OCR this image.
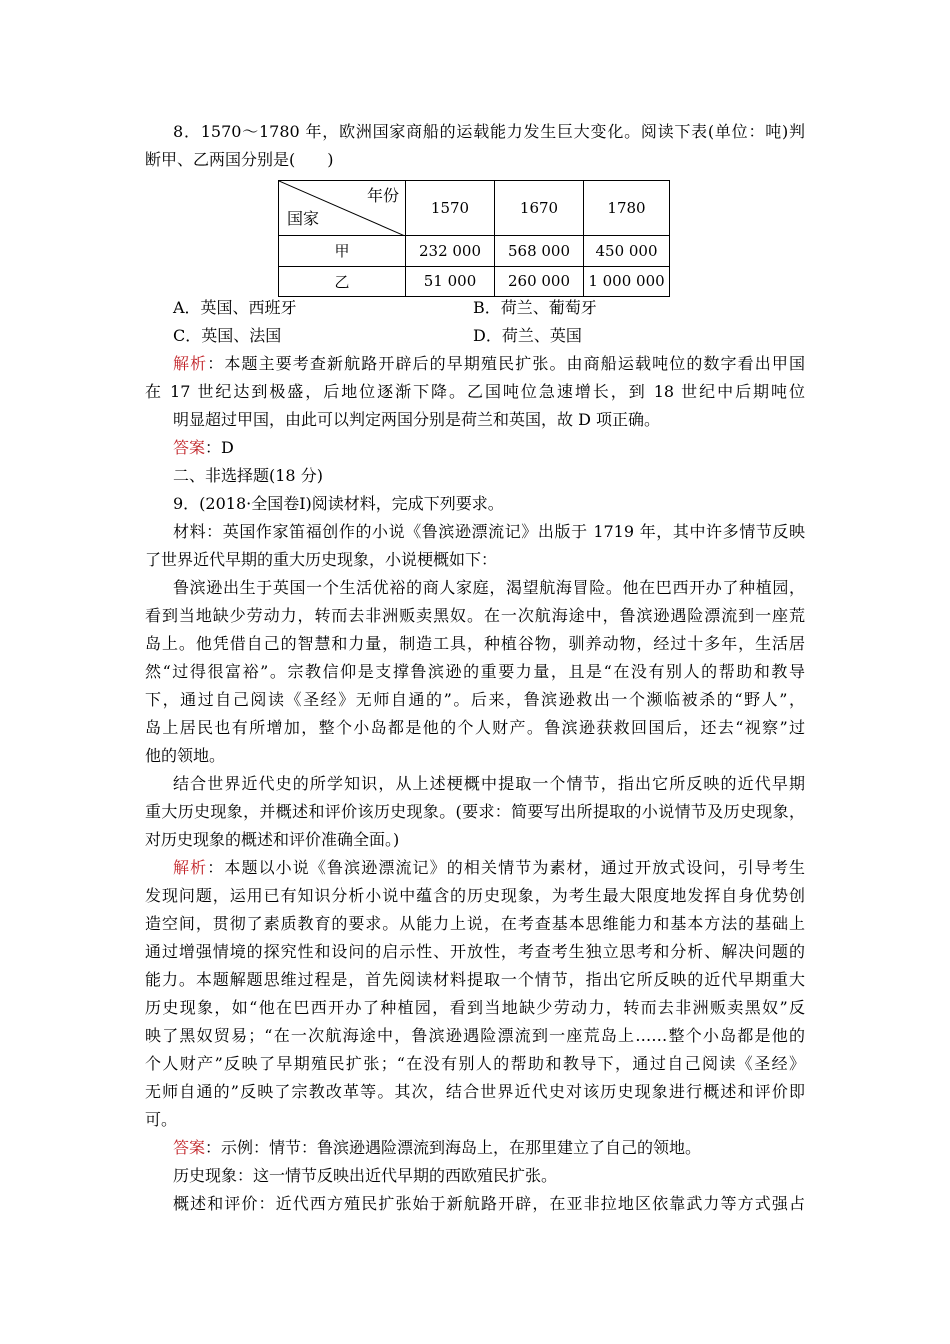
8．1570～1780 年，欧洲国家商船的运载能力发生巨大变化。阅读下表(单位：吨)判
断甲、乙两国分别是(　　)
年份
国家	1570	1670	1780
甲	232 000	568 000	450 000
乙	51 000	260 000	1 000 000
A．英国、西班牙	B．荷兰、葡萄牙
C．英国、法国	D．荷兰、英国
解析：本题主要考查新航路开辟后的早期殖民扩张。由商船运载吨位的数字看出甲国
在 17 世纪达到极盛，后地位逐渐下降。乙国吨位急速增长，到 18 世纪中后期吨位
明显超过甲国，由此可以判定两国分别是荷兰和英国，故 D 项正确。
答案：D
二、非选择题(18 分)
9．(2018·全国卷Ⅰ)阅读材料，完成下列要求。
材料：英国作家笛福创作的小说《鲁滨逊漂流记》出版于 1719 年，其中许多情节反映
了世界近代早期的重大历史现象，小说梗概如下：
鲁滨逊出生于英国一个生活优裕的商人家庭，渴望航海冒险。他在巴西开办了种植园，
看到当地缺少劳动力，转而去非洲贩卖黑奴。在一次航海途中，鲁滨逊遇险漂流到一座荒
岛上。他凭借自己的智慧和力量，制造工具，种植谷物，驯养动物，经过十多年，生活居
然“过得很富裕”。宗教信仰是支撑鲁滨逊的重要力量，且是“在没有别人的帮助和教导
下，通过自己阅读《圣经》无师自通的”。后来，鲁滨逊救出一个濒临被杀的“野人”，
岛上居民也有所增加，整个小岛都是他的个人财产。鲁滨逊获救回国后，还去“视察”过
他的领地。
结合世界近代史的所学知识，从上述梗概中提取一个情节，指出它所反映的近代早期
重大历史现象，并概述和评价该历史现象。(要求：简要写出所提取的小说情节及历史现象，
对历史现象的概述和评价准确全面。)
解析：本题以小说《鲁滨逊漂流记》的相关情节为素材，通过开放式设问，引导考生
发现问题，运用已有知识分析小说中蕴含的历史现象，为考生最大限度地发挥自身优势创
造空间，贯彻了素质教育的要求。从能力上说，在考查基本思维能力和基本方法的基础上
通过增强情境的探究性和设问的启示性、开放性，考查考生独立思考和分析、解决问题的
能力。本题解题思维过程是，首先阅读材料提取一个情节，指出它所反映的近代早期重大
历史现象，如“他在巴西开办了种植园，看到当地缺少劳动力，转而去非洲贩卖黑奴”反
映了黑奴贸易；“在一次航海途中，鲁滨逊遇险漂流到一座荒岛上……整个小岛都是他的
个人财产”反映了早期殖民扩张；“在没有别人的帮助和教导下，通过自己阅读《圣经》
无师自通的”反映了宗教改革等。其次，结合世界近代史对该历史现象进行概述和评价即
可。
答案：示例：情节：鲁滨逊遇险漂流到海岛上，在那里建立了自己的领地。
历史现象：这一情节反映出近代早期的西欧殖民扩张。
概述和评价：近代西方殖民扩张始于新航路开辟，在亚非拉地区依靠武力等方式强占
